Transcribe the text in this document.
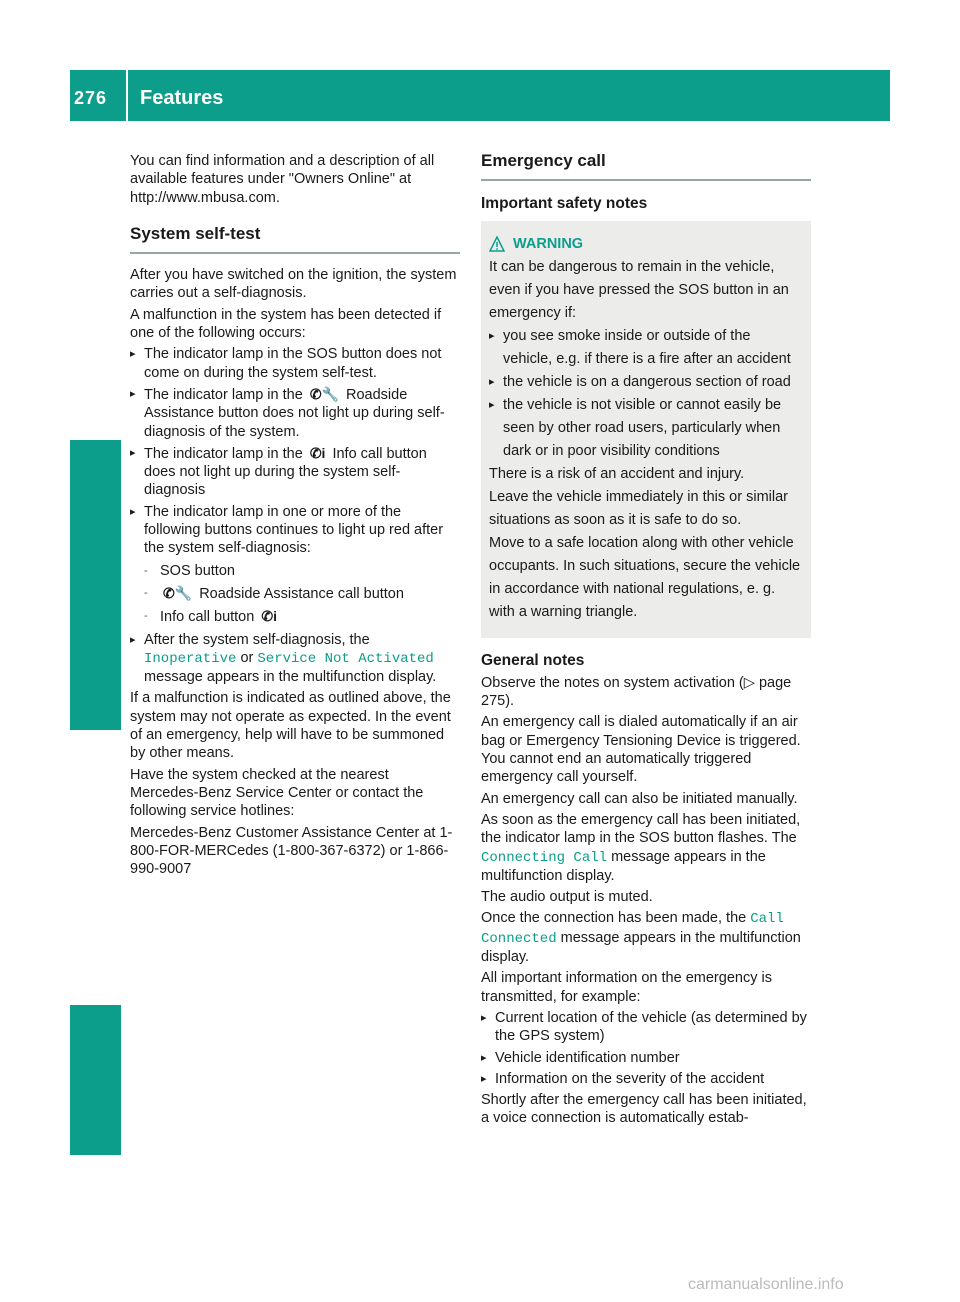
276	Features
Stowage and features

You can find information and a description of all available features under "Owners Online" at http://www.mbusa.com.

System self-test

After you have switched on the ignition, the system carries out a self-diagnosis.

A malfunction in the system has been detected if one of the following occurs:

▸ The indicator lamp in the SOS button does not come on during the system self-test.
▸ The indicator lamp in the ✆🔧 Roadside Assistance button does not light up during self-diagnosis of the system.
▸ The indicator lamp in the ✆i Info call button does not light up during the system self-diagnosis
▸ The indicator lamp in one or more of the following buttons continues to light up red after the system self-diagnosis:
- SOS button
- ✆🔧 Roadside Assistance call button
- Info call button ✆i
▸ After the system self-diagnosis, the Inoperative or Service Not Activated message appears in the multifunction display.

If a malfunction is indicated as outlined above, the system may not operate as expected. In the event of an emergency, help will have to be summoned by other means.

Have the system checked at the nearest Mercedes-Benz Service Center or contact the following service hotlines:

Mercedes-Benz Customer Assistance Center at 1-800-FOR-MERCedes (1-800-367-6372) or 1-866-990-9007

Emergency call
Important safety notes
WARNING

It can be dangerous to remain in the vehicle, even if you have pressed the SOS button in an emergency if:

▸ you see smoke inside or outside of the vehicle, e.g. if there is a fire after an accident
▸ the vehicle is on a dangerous section of road
▸ the vehicle is not visible or cannot easily be seen by other road users, particularly when dark or in poor visibility conditions

There is a risk of an accident and injury.

Leave the vehicle immediately in this or similar situations as soon as it is safe to do so.

Move to a safe location along with other vehicle occupants. In such situations, secure the vehicle in accordance with national regulations, e. g. with a warning triangle.

General notes

Observe the notes on system activation (▷ page 275).

An emergency call is dialed automatically if an air bag or Emergency Tensioning Device is triggered. You cannot end an automatically triggered emergency call yourself.

An emergency call can also be initiated manually.

As soon as the emergency call has been initiated, the indicator lamp in the SOS button flashes. The Connecting Call message appears in the multifunction display.

The audio output is muted.

Once the connection has been made, the Call Connected message appears in the multifunction display.

All important information on the emergency is transmitted, for example:

▸ Current location of the vehicle (as determined by the GPS system)
▸ Vehicle identification number
▸ Information on the severity of the accident

Shortly after the emergency call has been initiated, a voice connection is automatically estab-

carmanualsonline.info
